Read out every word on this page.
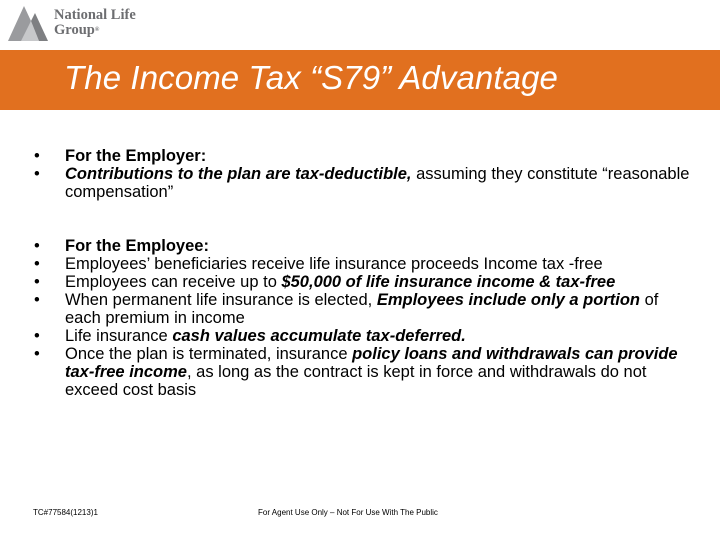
National Life
Group®
The Income Tax “S79” Advantage
• For the Employer:
• Contributions to the plan are tax-deductible, assuming they constitute “reasonable compensation”
• For the Employee:
• Employees’ beneficiaries receive life insurance proceeds Income tax -free
• Employees can receive up to $50,000 of life insurance income & tax-free
• When permanent life insurance is elected, Employees include only a portion of each premium in income
• Life insurance cash values accumulate tax-deferred.
• Once the plan is terminated, insurance policy loans and withdrawals can provide tax-free income, as long as the contract is kept in force and withdrawals do not exceed cost basis
TC#77584(1213)1	For Agent Use Only – Not For Use With The Public
